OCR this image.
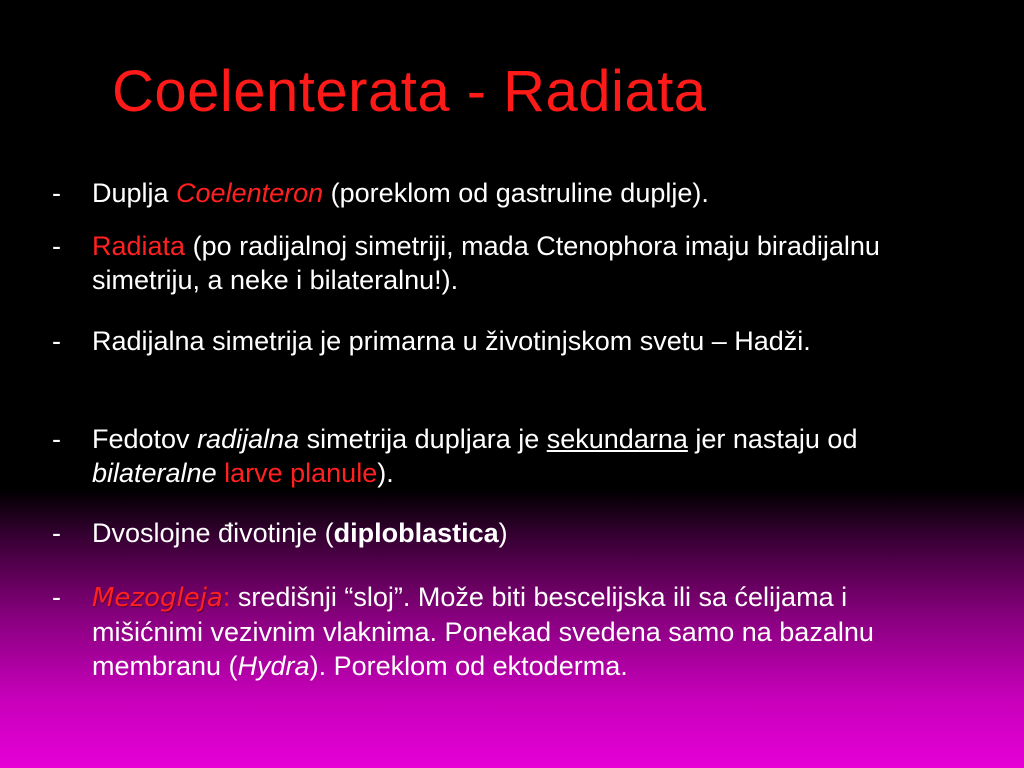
Coelenterata - Radiata
- Duplja Coelenteron (poreklom od gastruline duplje).
- Radiata (po radijalnoj simetriji, mada Ctenophora imaju biradijalnu simetriju, a neke i bilateralnu!).
- Radijalna simetrija je primarna u životinjskom svetu – Hadži.
- Fedotov radijalna simetrija dupljara je sekundarna jer nastaju od bilateralne larve planule).
- Dvoslojne đivotinje (diploblastica)
- Mezogleja: središnji “sloj”. Može biti bescelijska ili sa ćelijama i mišićnimi vezivnim vlaknima. Ponekad svedena samo na bazalnu membranu (Hydra). Poreklom od ektoderma.
